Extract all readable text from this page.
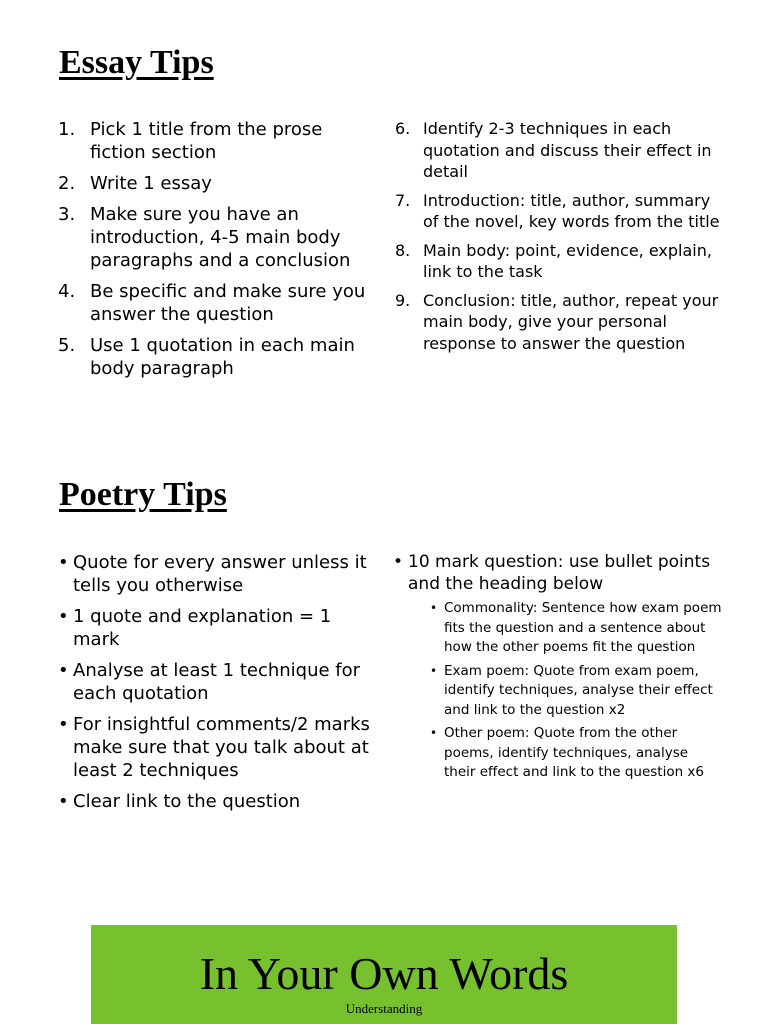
Essay Tips
1. Pick 1 title from the prose fiction section
2. Write 1 essay
3. Make sure you have an introduction, 4-5 main body paragraphs and a conclusion
4. Be specific and make sure you answer the question
5. Use 1 quotation in each main body paragraph
6. Identify 2-3 techniques in each quotation and discuss their effect in detail
7. Introduction: title, author, summary of the novel, key words from the title
8. Main body: point, evidence, explain, link to the task
9. Conclusion: title, author, repeat your main body, give your personal response to answer the question
Poetry Tips
• Quote for every answer unless it tells you otherwise
• 1 quote and explanation = 1 mark
• Analyse at least 1 technique for each quotation
• For insightful comments/2 marks make sure that you talk about at least 2 techniques
• Clear link to the question
• 10 mark question: use bullet points and the heading below
• Commonality: Sentence how exam poem fits the question and a sentence about how the other poems fit the question
• Exam poem: Quote from exam poem, identify techniques, analyse their effect and link to the question x2
• Other poem: Quote from the other poems, identify techniques, analyse their effect and link to the question x6
In Your Own Words
Understanding
